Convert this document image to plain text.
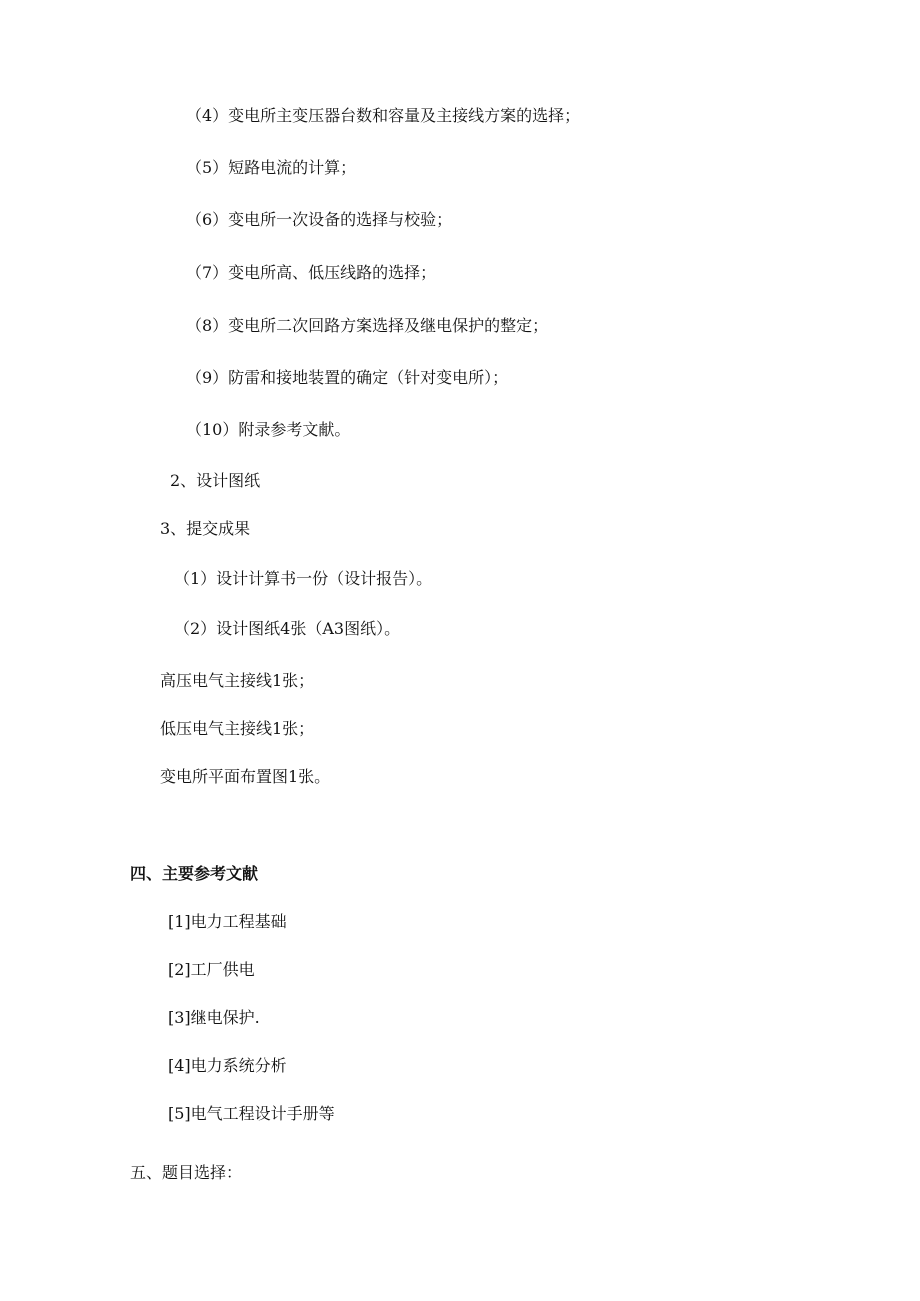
（4）变电所主变压器台数和容量及主接线方案的选择；
（5）短路电流的计算；
（6）变电所一次设备的选择与校验；
（7）变电所高、低压线路的选择；
（8）变电所二次回路方案选择及继电保护的整定；
（9）防雷和接地装置的确定（针对变电所）；
（10）附录参考文献。
2、设计图纸
3、提交成果
（1）设计计算书一份（设计报告）。
（2）设计图纸4张（A3图纸）。
高压电气主接线1张；
低压电气主接线1张；
变电所平面布置图1张。
四、主要参考文献
[1]电力工程基础
[2]工厂供电
[3]继电保护.
[4]电力系统分析
[5]电气工程设计手册等
五、题目选择：
